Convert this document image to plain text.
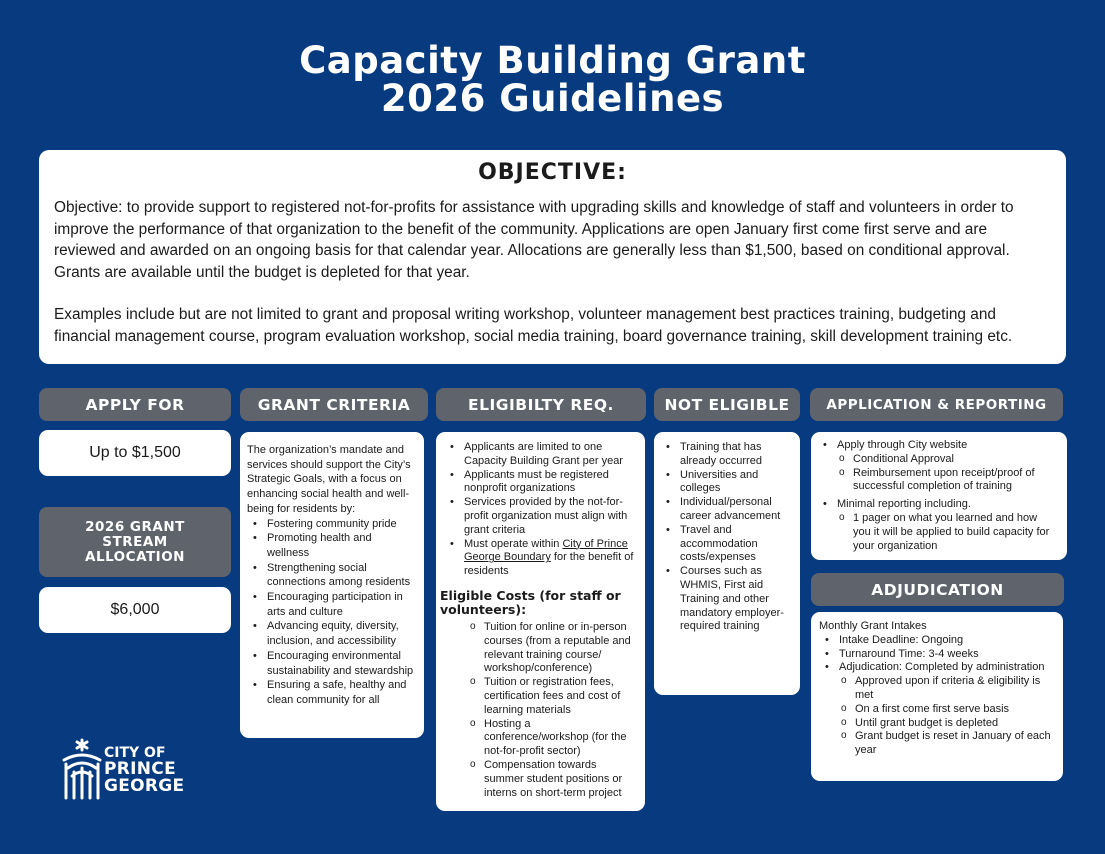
Capacity Building Grant
2026 Guidelines
OBJECTIVE:

Objective: to provide support to registered not-for-profits for assistance with upgrading skills and knowledge of staff and volunteers in order to improve the performance of that organization to the benefit of the community. Applications are open January first come first serve and are reviewed and awarded on an ongoing basis for that calendar year. Allocations are generally less than $1,500, based on conditional approval. Grants are available until the budget is depleted for that year.

Examples include but are not limited to grant and proposal writing workshop, volunteer management best practices training, budgeting and financial management course, program evaluation workshop, social media training, board governance training, skill development training etc.

APPLY FOR
Up to $1,500
2026 GRANT STREAM ALLOCATION
$6,000
GRANT CRITERIA
The organization’s mandate and services should support the City’s Strategic Goals, with a focus on enhancing social health and well-being for residents by:
• Fostering community pride
• Promoting health and wellness
• Strengthening social connections among residents
• Encouraging participation in arts and culture
• Advancing equity, diversity, inclusion, and accessibility
• Encouraging environmental sustainability and stewardship
• Ensuring a safe, healthy and clean community for all
ELIGIBILTY REQ.
• Applicants are limited to one Capacity Building Grant per year
• Applicants must be registered nonprofit organizations
• Services provided by the not-for-profit organization must align with grant criteria
• Must operate within City of Prince George Boundary for the benefit of residents
Eligible Costs (for staff or volunteers):
o Tuition for online or in-person courses (from a reputable and relevant training course/ workshop/conference)
o Tuition or registration fees, certification fees and cost of learning materials
o Hosting a conference/workshop (for the not-for-profit sector)
o Compensation towards summer student positions or interns on short-term project
NOT ELIGIBLE
• Training that has already occurred
• Universities and colleges
• Individual/personal career advancement
• Travel and accommodation costs/expenses
• Courses such as WHMIS, First aid Training and other mandatory employer-required training
APPLICATION & REPORTING
• Apply through City website
o Conditional Approval
o Reimbursement upon receipt/proof of successful completion of training
• Minimal reporting including.
o 1 pager on what you learned and how you it will be applied to build capacity for your organization
ADJUDICATION
Monthly Grant Intakes
• Intake Deadline: Ongoing
• Turnaround Time: 3-4 weeks
• Adjudication: Completed by administration
o Approved upon if criteria & eligibility is met
o On a first come first serve basis
o Until grant budget is depleted
o Grant budget is reset in January of each year
CITY OF
PRINCE
GEORGE
